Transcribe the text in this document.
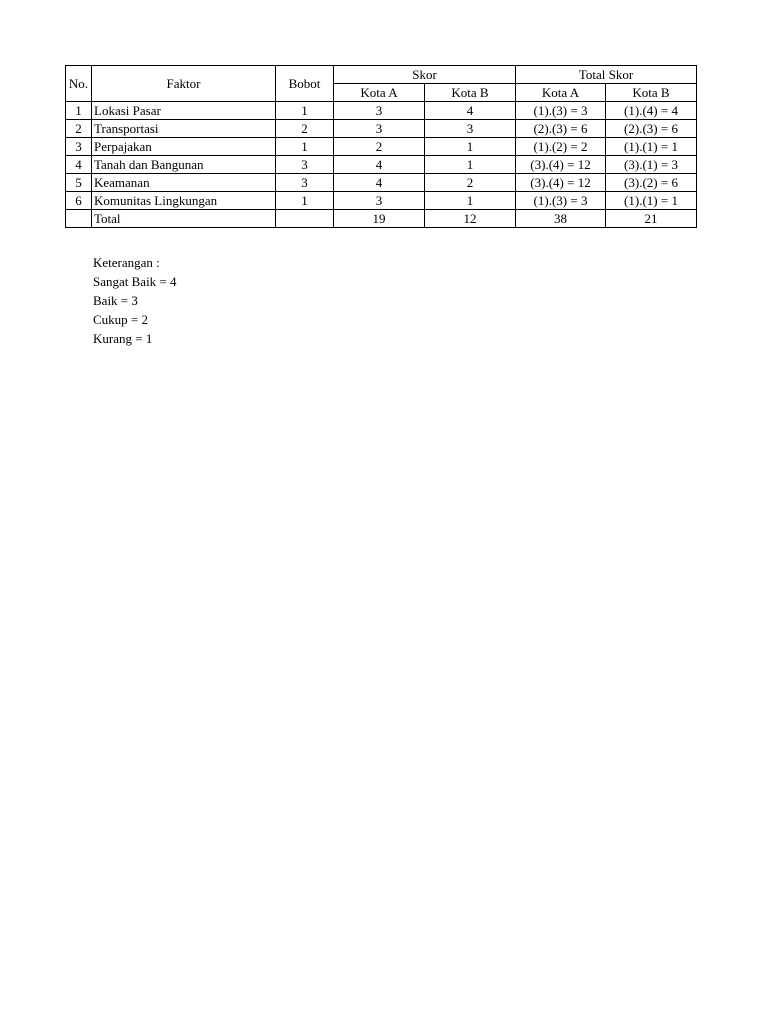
No.	Faktor	Bobot	Skor		Total Skor	
			Kota A	Kota B	Kota A	Kota B
1	Lokasi Pasar	1	3	4	(1).(3) = 3	(1).(4) = 4
2	Transportasi	2	3	3	(2).(3) = 6	(2).(3) = 6
3	Perpajakan	1	2	1	(1).(2) = 2	(1).(1) = 1
4	Tanah dan Bangunan	3	4	1	(3).(4) = 12	(3).(1) = 3
5	Keamanan	3	4	2	(3).(4) = 12	(3).(2) = 6
6	Komunitas Lingkungan	1	3	1	(1).(3) = 3	(1).(1) = 1
	Total		19	12	38	21
Keterangan :
Sangat Baik = 4
Baik = 3
Cukup = 2
Kurang = 1
